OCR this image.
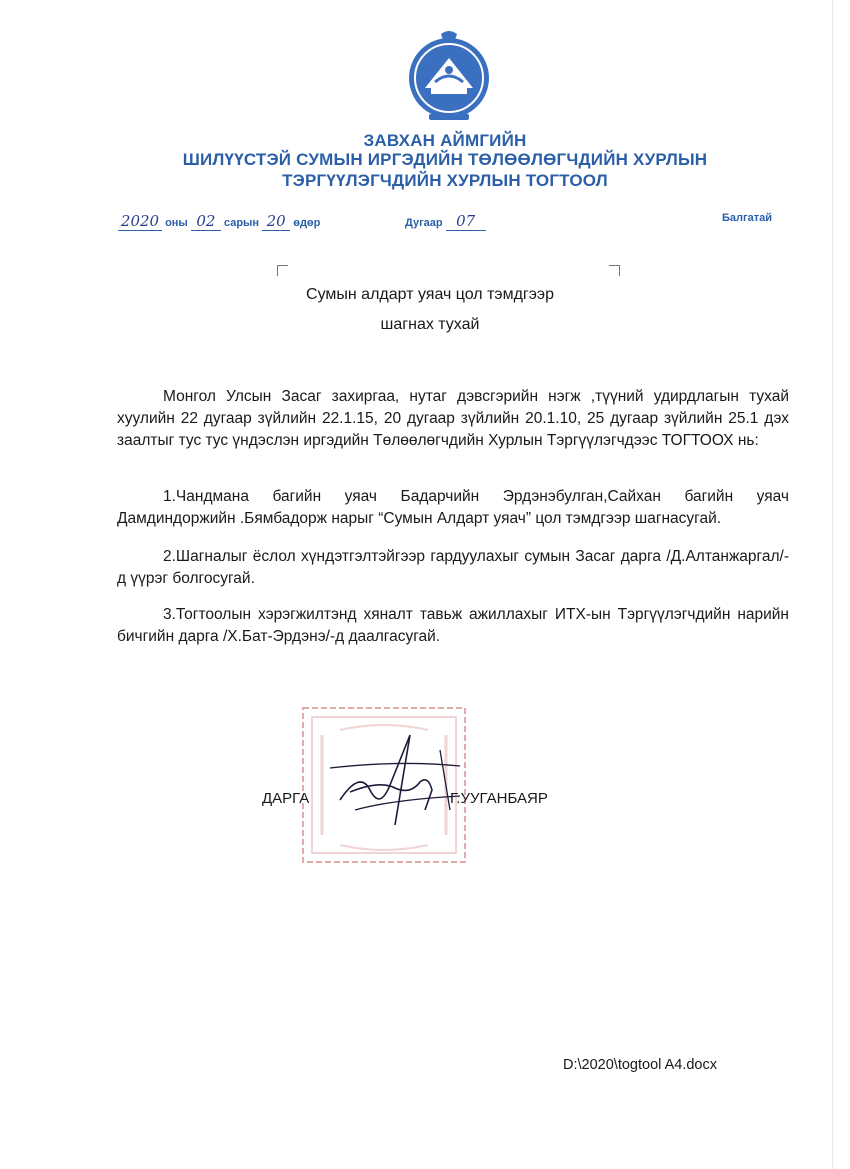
ЗАВХАН АЙМГИЙН
ШИЛҮҮСТЭЙ СУМЫН ИРГЭДИЙН ТӨЛӨӨЛӨГЧДИЙН ХУРЛЫН
ТЭРГҮҮЛЭГЧДИЙН ХУРЛЫН ТОГТООЛ
2020 оны 02 сарын 20 өдөр	Дугаар 07	Балгатай
Сумын алдарт уяач цол тэмдгээр
шагнах тухай
Монгол Улсын Засаг захиргаа, нутаг дэвсгэрийн нэгж ,түүний удирдлагын тухай хуулийн 22 дугаар зүйлийн 22.1.15, 20 дугаар зүйлийн 20.1.10, 25 дугаар зүйлийн 25.1 дэх заалтыг тус тус үндэслэн иргэдийн Төлөөлөгчдийн Хурлын Тэргүүлэгчдээс ТОГТООХ нь:
1.Чандмана багийн уяач Бадарчийн Эрдэнэбулган,Сайхан багийн уяач Дамдиндоржийн .Бямбадорж нарыг “Сумын Алдарт уяач” цол тэмдгээр шагнасугай.
2.Шагналыг ёслол хүндэтгэлтэйгээр гардуулахыг сумын Засаг дарга /Д.Алтанжаргал/-д үүрэг болгосугай.
3.Тогтоолын хэрэгжилтэнд хяналт тавьж ажиллахыг ИТХ-ын Тэргүүлэгчдийн нарийн бичгийн дарга /Х.Бат-Эрдэнэ/-д даалгасугай.
ДАРГА	Г.УУГАНБАЯР
D:\2020\togtool A4.docx
